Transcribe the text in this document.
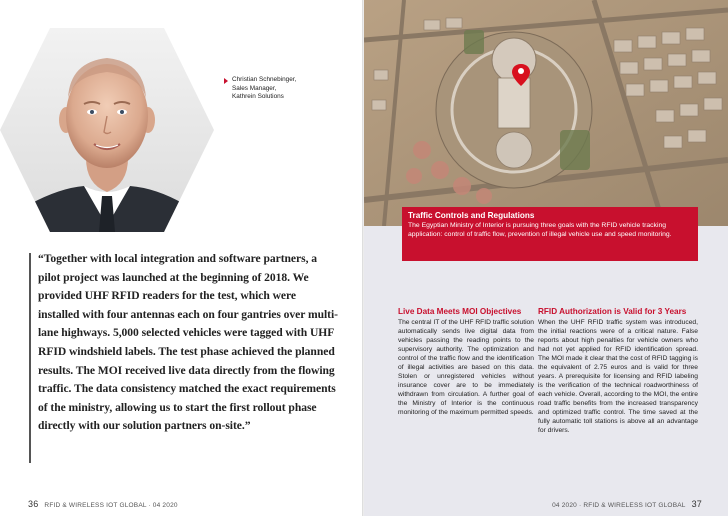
Christian Schnebinger,
Sales Manager,
Kathrein Solutions

“Together with local integration and software partners, a pilot project was launched at the beginning of 2018. We provided UHF RFID readers for the test, which were installed with four antennas each on four gantries over multi-lane highways. 5,000 selected vehicles were tagged with UHF RFID windshield labels. The test phase achieved the planned results. The MOI received live data directly from the flowing traffic. The data consistency matched the exact requirements of the ministry, allowing us to start the first rollout phase directly with our solution partners on-site.”

36 RFID & WIRELESS IOT GLOBAL · 04 2020
Traffic Controls and Regulations
The Egyptian Ministry of Interior is pursuing three goals with the RFID vehicle tracking application: control of traffic flow, prevention of illegal vehicle use and speed monitoring.
04 2020 · RFID & WIRELESS IOT GLOBAL 37
Live Data Meets MOI Objectives

The central IT of the UHF RFID traffic solution automatically sends live digital data from vehicles passing the reading points to the supervisory authority. The optimization and control of the traffic flow and the identification of illegal activities are based on this data. Stolen or unregistered vehicles without insurance cover are to be immediately withdrawn from circulation. A further goal of the Ministry of Interior is the continuous monitoring of the maximum permitted speeds.

RFID Authorization is Valid for 3 Years

When the UHF RFID traffic system was introduced, the initial reactions were of a critical nature. False reports about high penalties for vehicle owners who had not yet applied for RFID identification spread. The MOI made it clear that the cost of RFID tagging is the equivalent of 2.75 euros and is valid for three years. A prerequisite for licensing and RFID labeling is the verification of the technical roadworthiness of each vehicle. Overall, according to the MOI, the entire road traffic benefits from the increased transparency and optimized traffic control. The time saved at the fully automatic toll stations is above all an advantage for drivers.
